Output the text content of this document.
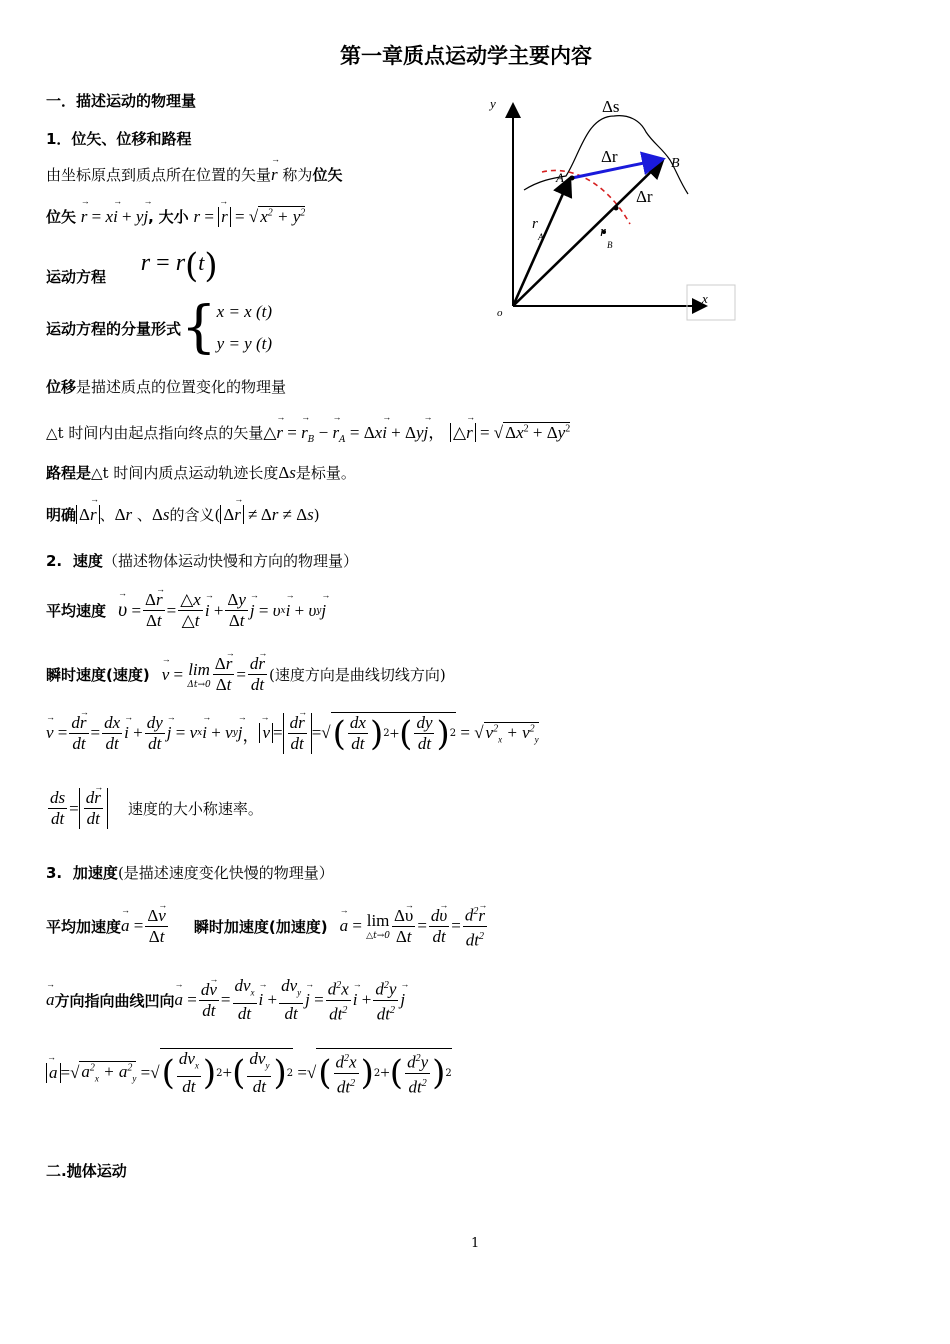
第一章质点运动学主要内容
一．描述运动的物理量
1．位矢、位移和路程
由坐标原点到质点所在位置的矢量→ r 称为位矢
位矢 → r = x→ i + y→ j, 大小 r = → r = √ $x^2 + y^2$
运动方程 r = r(t)
运动方程的分量形式 { x = x (t)
y = y (t)
位移是描述质点的位置变化的物理量
△t 时间内由起点指向终点的矢量△→ r = → $r_B$ − → $r_A = \Delta x\to i + \Delta y\to j$， △→ r = √ $\Delta x^2 + \Delta y^2$
路程是△t 时间内质点运动轨迹长度Δs是标量。
明确 Δ→ r 、Δr 、Δs的含义( Δ→ r ≠ Δr ≠ Δs)
2. 速度（描述物体运动快慢和方向的物理量）
平均速度
→ $\upsilon = \frac{\Delta\to r}{\Delta t} = \frac{\triangle x}{\triangle t}$
→ $i + \frac{\Delta y}{\Delta t}$
→ j = υ x
→ i + υ y
→ j
瞬时速度(速度)
→ v = lim
$\Delta t\to 0 \frac{\Delta\to r}{\Delta t} = \frac{d\to r}{dt}$ (速度方向是曲线切线方向)
→ $v = \frac{d\to r}{dt} = \frac{dx}{dt}$
→ $i + \frac{dy}{dt}$
→ j = v x
→ i + v y
→ j ，
→ $v = \frac{d\to r}{dt}$ =√ ( $\frac{dx}{dt}$ ) 2 + ( $\frac{dy}{dt}$ ) 2 = √ $v^2_x + v^2_y$
$\frac{ds}{dt} = \frac{d\to r}{dt}$ 速度的大小称速率。
3. 加速度(是描述速度变化快慢的物理量）
平均加速度
→ $a = \frac{\Delta\to v}{\Delta t}$ 瞬时加速度(加速度)
→ a = lim
△t→0 $\frac{\Delta\to \upsilon}{\Delta t} = \frac{d\to \upsilon}{dt} = \frac{d^2\to r}{dt^2}$
→ a 方向指向曲线凹向
→ $a = \frac{d\to v}{dt} = \frac{dv_x}{dt}$
→ $i + \frac{dv_y}{dt}$
→ $j = \frac{d^2x}{dt^2}$
→ $i + \frac{d^2y}{dt^2}$
→ j
→ a =√ $a^2_x + a^2_y$ =√ ( $\frac{dv_x}{dt}$ ) 2 + ( $\frac{dv_y}{dt}$ ) 2 =√ ( $\frac{d^2x}{dt^2}$ ) 2 + ( $\frac{d^2y}{dt^2}$ ) 2
二.抛体运动
1
y
x
o
Δs
Δr
Δr
A
B
r
A	r
B
